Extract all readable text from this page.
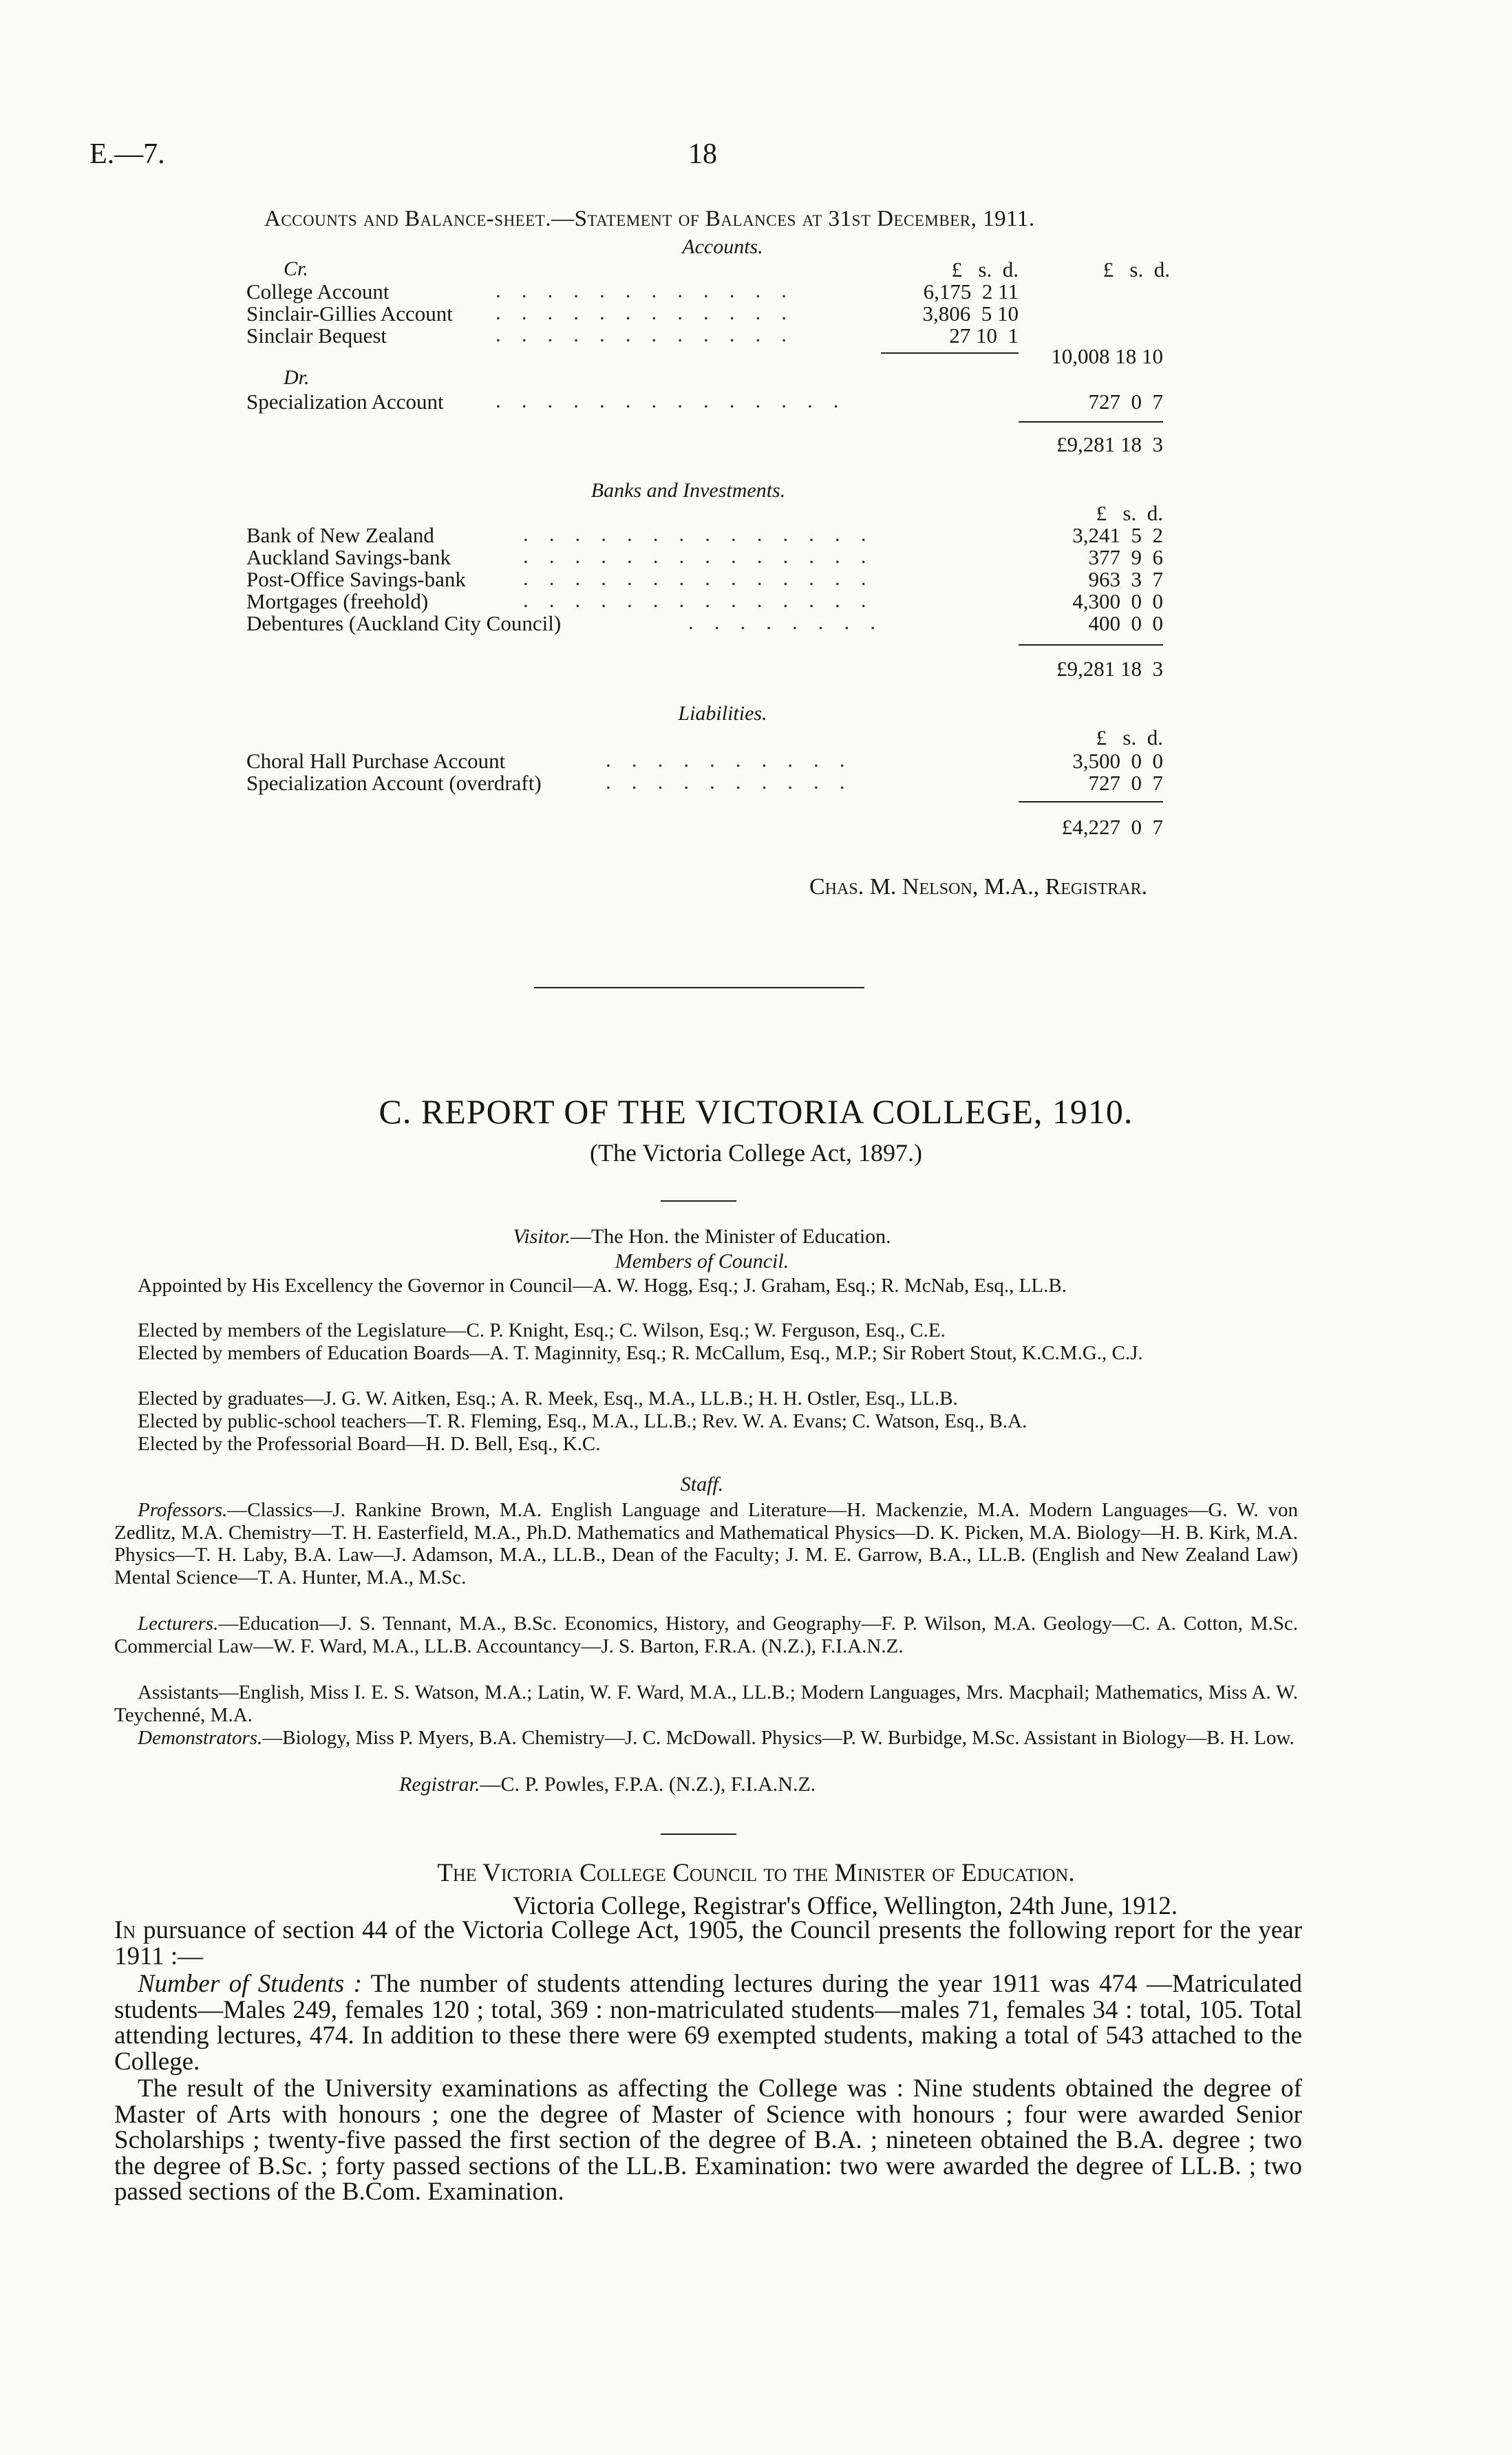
E.—7.	18
Accounts and Balance-sheet.—Statement of Balances at 31st December, 1911.
Accounts.
Cr.	£   s.  d.	£   s.  d.
College Account	............	6,175  2 11
Sinclair-Gillies Account ............	3,806  5 10
Sinclair Bequest	............	27 10  1
10,008 18 10
Dr.
Specialization Account ..............	727  0  7
£9,281 18  3
Banks and Investments.
£   s.  d.
Bank of New Zealand	..............	3,241  5  2
Auckland Savings-bank	..............	377  9  6
Post-Office Savings-bank	..............	963  3  7
Mortgages (freehold)	..............	4,300  0  0
Debentures (Auckland City Council)	........	400  0  0
£9,281 18  3
Liabilities.
£   s.  d.
Choral Hall Purchase Account	..........	3,500  0  0
Specialization Account (overdraft)	..........	727  0  7
£4,227  0  7
Chas. M. Nelson, M.A., Registrar.
C. REPORT OF THE VICTORIA COLLEGE, 1910.
(The Victoria College Act, 1897.)
Visitor.—The Hon. the Minister of Education.
Members of Council.
Appointed by His Excellency the Governor in Council—A. W. Hogg, Esq.; J. Graham, Esq.; R. McNab, Esq., LL.B.
Elected by members of the Legislature—C. P. Knight, Esq.; C. Wilson, Esq.; W. Ferguson, Esq., C.E.
Elected by members of Education Boards—A. T. Maginnity, Esq.; R. McCallum, Esq., M.P.; Sir Robert Stout, K.C.M.G., C.J.
Elected by graduates—J. G. W. Aitken, Esq.; A. R. Meek, Esq., M.A., LL.B.; H. H. Ostler, Esq., LL.B.
Elected by public-school teachers—T. R. Fleming, Esq., M.A., LL.B.; Rev. W. A. Evans; C. Watson, Esq., B.A.
Elected by the Professorial Board—H. D. Bell, Esq., K.C.
Staff.
Professors.—Classics—J. Rankine Brown, M.A. English Language and Literature—H. Mackenzie, M.A. Modern Languages—G. W. von Zedlitz, M.A. Chemistry—T. H. Easterfield, M.A., Ph.D. Mathematics and Mathematical Physics—D. K. Picken, M.A. Biology—H. B. Kirk, M.A. Physics—T. H. Laby, B.A. Law—J. Adamson, M.A., LL.B., Dean of the Faculty; J. M. E. Garrow, B.A., LL.B. (English and New Zealand Law) Mental Science—T. A. Hunter, M.A., M.Sc.
Lecturers.—Education—J. S. Tennant, M.A., B.Sc. Economics, History, and Geography—F. P. Wilson, M.A. Geology—C. A. Cotton, M.Sc. Commercial Law—W. F. Ward, M.A., LL.B. Accountancy—J. S. Barton, F.R.A. (N.Z.), F.I.A.N.Z.
Assistants—English, Miss I. E. S. Watson, M.A.; Latin, W. F. Ward, M.A., LL.B.; Modern Languages, Mrs. Macphail; Mathematics, Miss A. W. Teychenné, M.A.
Demonstrators.—Biology, Miss P. Myers, B.A. Chemistry—J. C. McDowall. Physics—P. W. Burbidge, M.Sc. Assistant in Biology—B. H. Low.
Registrar.—C. P. Powles, F.P.A. (N.Z.), F.I.A.N.Z.
The Victoria College Council to the Minister of Education.
Victoria College, Registrar's Office, Wellington, 24th June, 1912.
In pursuance of section 44 of the Victoria College Act, 1905, the Council presents the following report for the year 1911 :—
Number of Students : The number of students attending lectures during the year 1911 was 474 —Matriculated students—Males 249, females 120 ; total, 369 : non-matriculated students—males 71, females 34 : total, 105. Total attending lectures, 474. In addition to these there were 69 exempted students, making a total of 543 attached to the College.
The result of the University examinations as affecting the College was : Nine students obtained the degree of Master of Arts with honours ; one the degree of Master of Science with honours ; four were awarded Senior Scholarships ; twenty-five passed the first section of the degree of B.A. ; nineteen obtained the B.A. degree ; two the degree of B.Sc. ; forty passed sections of the LL.B. Examination: two were awarded the degree of LL.B. ; two passed sections of the B.Com. Examination.
